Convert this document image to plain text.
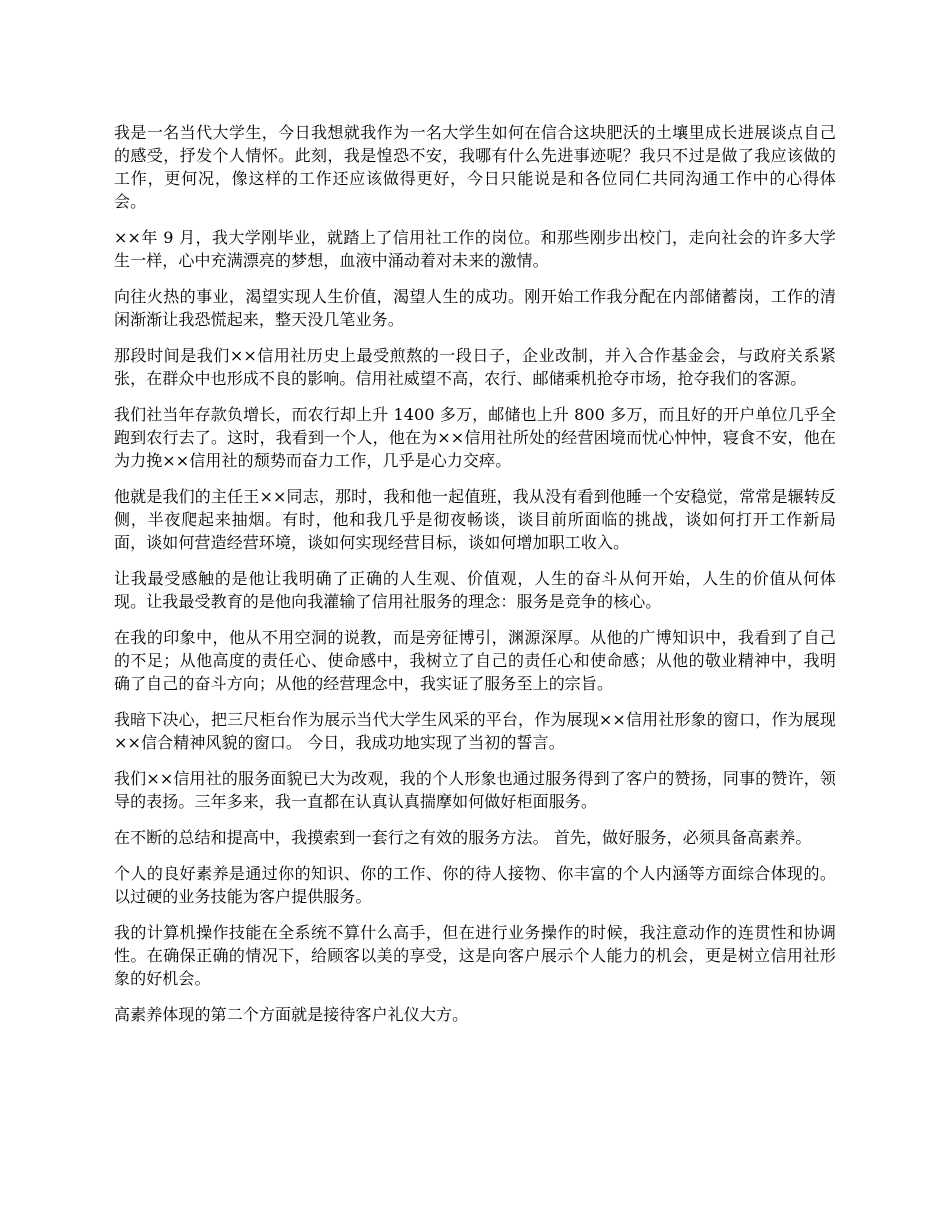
我是一名当代大学生，今日我想就我作为一名大学生如何在信合这块肥沃的土壤里成长进展谈点自己的感受，抒发个人情怀。此刻，我是惶恐不安，我哪有什么先进事迹呢？我只不过是做了我应该做的工作，更何况，像这样的工作还应该做得更好，今日只能说是和各位同仁共同沟通工作中的心得体会。

××年 9 月，我大学刚毕业，就踏上了信用社工作的岗位。和那些刚步出校门，走向社会的许多大学生一样，心中充满漂亮的梦想，血液中涌动着对未来的激情。

向往火热的事业，渴望实现人生价值，渴望人生的成功。刚开始工作我分配在内部储蓄岗，工作的清闲渐渐让我恐慌起来，整天没几笔业务。

那段时间是我们××信用社历史上最受煎熬的一段日子，企业改制，并入合作基金会，与政府关系紧张，在群众中也形成不良的影响。信用社威望不高，农行、邮储乘机抢夺市场，抢夺我们的客源。

我们社当年存款负增长，而农行却上升 1400 多万，邮储也上升 800 多万，而且好的开户单位几乎全跑到农行去了。这时，我看到一个人，他在为××信用社所处的经营困境而忧心忡忡，寝食不安，他在为力挽××信用社的颓势而奋力工作，几乎是心力交瘁。

他就是我们的主任王××同志，那时，我和他一起值班，我从没有看到他睡一个安稳觉，常常是辗转反侧，半夜爬起来抽烟。有时，他和我几乎是彻夜畅谈，谈目前所面临的挑战，谈如何打开工作新局面，谈如何营造经营环境，谈如何实现经营目标，谈如何增加职工收入。

让我最受感触的是他让我明确了正确的人生观、价值观，人生的奋斗从何开始，人生的价值从何体现。让我最受教育的是他向我灌输了信用社服务的理念：服务是竞争的核心。

在我的印象中，他从不用空洞的说教，而是旁征博引，渊源深厚。从他的广博知识中，我看到了自己的不足；从他高度的责任心、使命感中，我树立了自己的责任心和使命感；从他的敬业精神中，我明确了自己的奋斗方向；从他的经营理念中，我实证了服务至上的宗旨。

我暗下决心，把三尺柜台作为展示当代大学生风采的平台，作为展现××信用社形象的窗口，作为展现××信合精神风貌的窗口。 今日，我成功地实现了当初的誓言。

我们××信用社的服务面貌已大为改观，我的个人形象也通过服务得到了客户的赞扬，同事的赞许，领导的表扬。三年多来，我一直都在认真认真揣摩如何做好柜面服务。

在不断的总结和提高中，我摸索到一套行之有效的服务方法。 首先，做好服务，必须具备高素养。

个人的良好素养是通过你的知识、你的工作、你的待人接物、你丰富的个人内涵等方面综合体现的。以过硬的业务技能为客户提供服务。

我的计算机操作技能在全系统不算什么高手，但在进行业务操作的时候，我注意动作的连贯性和协调性。在确保正确的情况下，给顾客以美的享受，这是向客户展示个人能力的机会，更是树立信用社形象的好机会。

高素养体现的第二个方面就是接待客户礼仪大方。
